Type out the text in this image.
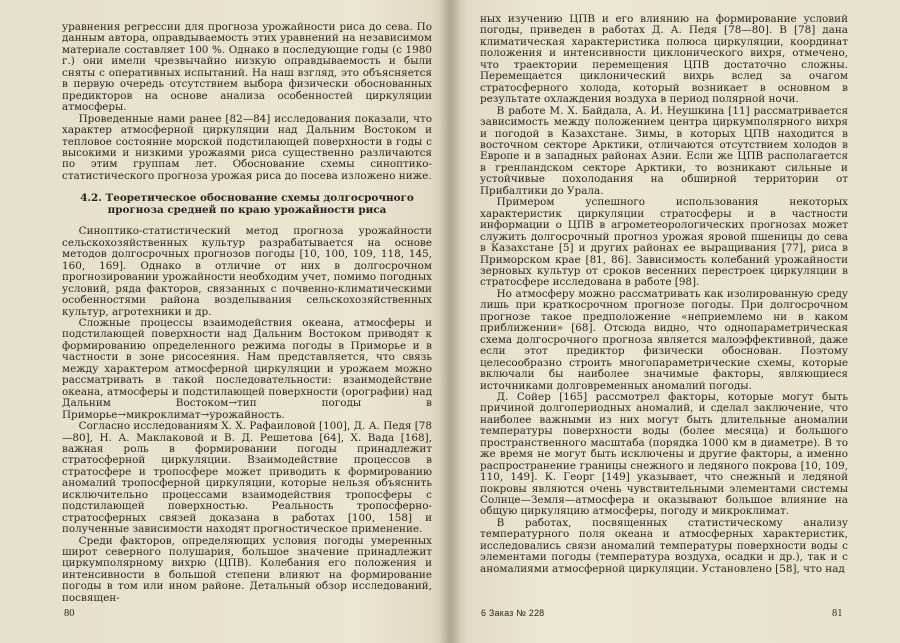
уравнения регрессии для прогноза урожайности риса до сева. По данным автора, оправдываемость этих уравнений на независимом материале составляет 100 %. Однако в последующие годы (с 1980 г.) они имели чрезвычайно низкую оправдываемость и были сняты с оперативных испытаний. На наш взгляд, это объясняется в первую очередь отсутствием выбора физически обоснованных предикторов на основе анализа особенностей циркуляции атмосферы.

Проведенные нами ранее [82—84] исследования показали, что характер атмосферной циркуляции над Дальним Востоком и тепловое состояние морской подстилающей поверхности в годы с высокими и низкими урожаями риса существенно различаются по этим группам лет. Обоснование схемы синоптико-статистического прогноза урожая риса до посева изложено ниже.

4.2. Теоретическое обоснование схемы долгосрочного прогноза средней по краю урожайности риса

Синоптико-статистический метод прогноза урожайности сельскохозяйственных культур разрабатывается на основе методов долгосрочных прогнозов погоды [10, 100, 109, 118, 145, 160, 169]. Однако в отличие от них в долгосрочном прогнозировании урожайности необходим учет, помимо погодных условий, ряда факторов, связанных с почвенно-климатическими особенностями района возделывания сельскохозяйственных культур, агротехники и др.

Сложные процессы взаимодействия океана, атмосферы и подстилающей поверхности над Дальним Востоком приводят к формированию определенного режима погоды в Приморье и в частности в зоне рисосеяния. Нам представляется, что связь между характером атмосферной циркуляции и урожаем можно рассматривать в такой последовательности: взаимодействие океана, атмосферы и подстилающей поверхности (орографии) над Дальним Востоком→тип погоды в Приморье→микроклимат→урожайность.

Согласно исследованиям Х. Х. Рафаиловой [100], Д. А. Педя [78—80], Н. А. Маклаковой и В. Д. Решетова [64], Х. Вада [168], важная роль в формировании погоды принадлежит стратосферной циркуляции. Взаимодействие процессов в стратосфере и тропосфере может приводить к формированию аномалий тропосферной циркуляции, которые нельзя объяснить исключительно процессами взаимодействия тропосферы с подстилающей поверхностью. Реальность тропосферно-стратосферных связей доказана в работах [100, 158] и полученные зависимости находят прогностическое применение.

Среди факторов, определяющих условия погоды умеренных широт северного полушария, большое значение принадлежит циркумполярному вихрю (ЦПВ). Колебания его положения и интенсивности в большой степени влияют на формирование погоды в том или ином районе. Детальный обзор исследований, посвящен-

80

ных изучению ЦПВ и его влиянию на формирование условий погоды, приведен в работах Д. А. Педя [78—80]. В [78] дана климатическая характеристика полюса циркуляции, координат положения и интенсивности циклонического вихря, отмечено, что траектории перемещения ЦПВ достаточно сложны. Перемещается циклонический вихрь вслед за очагом стратосферного холода, который возникает в основном в результате охлаждения воздуха в период полярной ночи.

В работе М. Х. Байдала, А. И. Неушкина [11] рассматривается зависимость между положением центра циркумполярного вихря и погодой в Казахстане. Зимы, в которых ЦПВ находится в восточном секторе Арктики, отличаются отсутствием холодов в Европе и в западных районах Азии. Если же ЦПВ располагается в гренландском секторе Арктики, то возникают сильные и устойчивые похолодания на обширной территории от Прибалтики до Урала.

Примером успешного использования некоторых характеристик циркуляции стратосферы и в частности информации о ЦПВ в агрометеорологических прогнозах может служить долгосрочный прогноз урожая яровой пшеницы до сева в Казахстане [5] и других районах ее выращивания [77], риса в Приморском крае [81, 86]. Зависимость колебаний урожайности зерновых культур от сроков весенних перестроек циркуляции в стратосфере исследована в работе [98].

Но атмосферу можно рассматривать как изолированную среду лишь при краткосрочном прогнозе погоды. При долгосрочном прогнозе такое предположение «неприемлемо ни в каком приближении» [68]. Отсюда видно, что однопараметрическая схема долгосрочного прогноза является малоэффективной, даже если этот предиктор физически обоснован. Поэтому целесообразно строить многопараметрические схемы, которые включали бы наиболее значимые факторы, являющиеся источниками долговременных аномалий погоды.

Д. Сойер [165] рассмотрел факторы, которые могут быть причиной долгопериодных аномалий, и сделал заключение, что наиболее важными из них могут быть длительные аномалии температуры поверхности воды (более месяца) и большого пространственного масштаба (порядка 1000 км в диаметре). В то же время не могут быть исключены и другие факторы, а именно распространение границы снежного и ледяного покрова [10, 109, 110, 149]. К. Георг [149] указывает, что снежный и ледяной покровы являются очень чувствительными элементами системы Солнце—Земля—атмосфера и оказывают большое влияние на общую циркуляцию атмосферы, погоду и микроклимат.

В работах, посвященных статистическому анализу температурного поля океана и атмосферных характеристик, исследовались связи аномалий температуры поверхности воды с элементами погоды (температура воздуха, осадки и др.), так и с аномалиями атмосферной циркуляции. Установлено [58], что над

6 Заказ № 228	81
